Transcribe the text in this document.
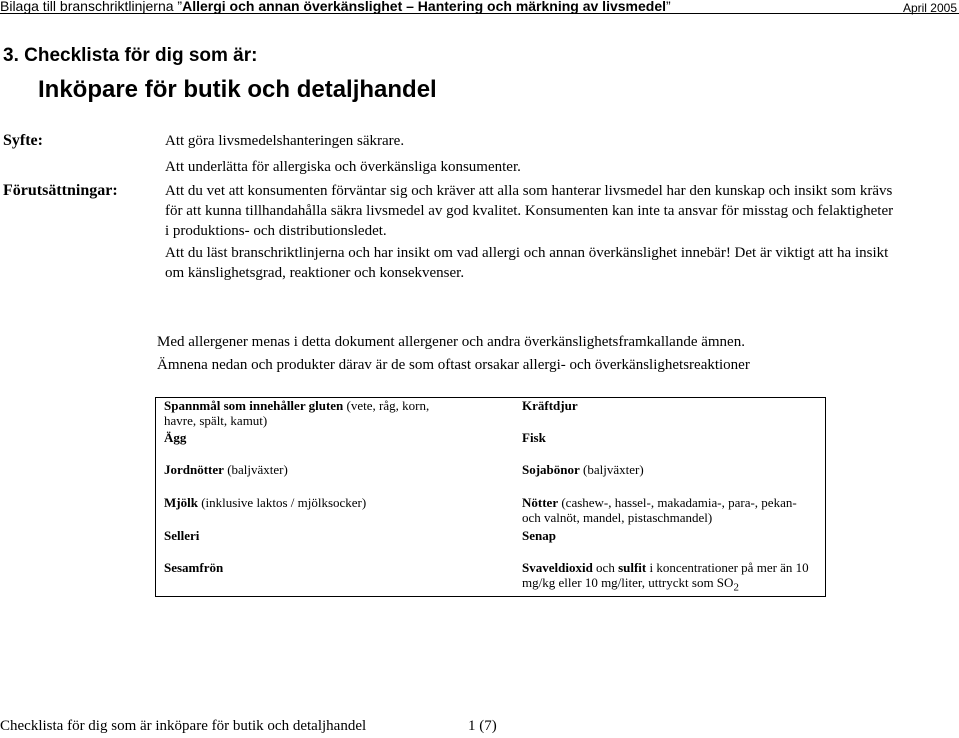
Bilaga till branschriktlinjerna ”Allergi och annan överkänslighet – Hantering och märkning av livsmedel”	April 2005
3. Checklista för dig som är:
Inköpare för butik och detaljhandel
Syfte:	Att göra livsmedelshanteringen säkrare.
Att underlätta för allergiska och överkänsliga konsumenter.
Förutsättningar:	Att du vet att konsumenten förväntar sig och kräver att alla som hanterar livsmedel har den kunskap och insikt som krävs
för att kunna tillhandahålla säkra livsmedel av god kvalitet. Konsumenten kan inte ta ansvar för misstag och felaktigheter
i produktions- och distributionsledet.
Att du läst branschriktlinjerna och har insikt om vad allergi och annan överkänslighet innebär! Det är viktigt att ha insikt
om känslighetsgrad, reaktioner och konsekvenser.
Med allergener menas i detta dokument allergener och andra överkänslighetsframkallande ämnen.
Ämnena nedan och produkter därav är de som oftast orsakar allergi- och överkänslighetsreaktioner
Spannmål som innehåller gluten (vete, råg, korn,
havre, spält, kamut)	Kräftdjur
Ägg	Fisk
Jordnötter (baljväxter)	Sojabönor (baljväxter)
Mjölk (inklusive laktos / mjölksocker)	Nötter (cashew-, hassel-, makadamia-, para-, pekan-
och valnöt, mandel, pistaschmandel)
Selleri	Senap
Sesamfrön	Svaveldioxid och sulfit i koncentrationer på mer än 10
mg/kg eller 10 mg/liter, uttryckt som $SO_2$
Checklista för dig som är inköpare för butik och detaljhandel	1 (7)
